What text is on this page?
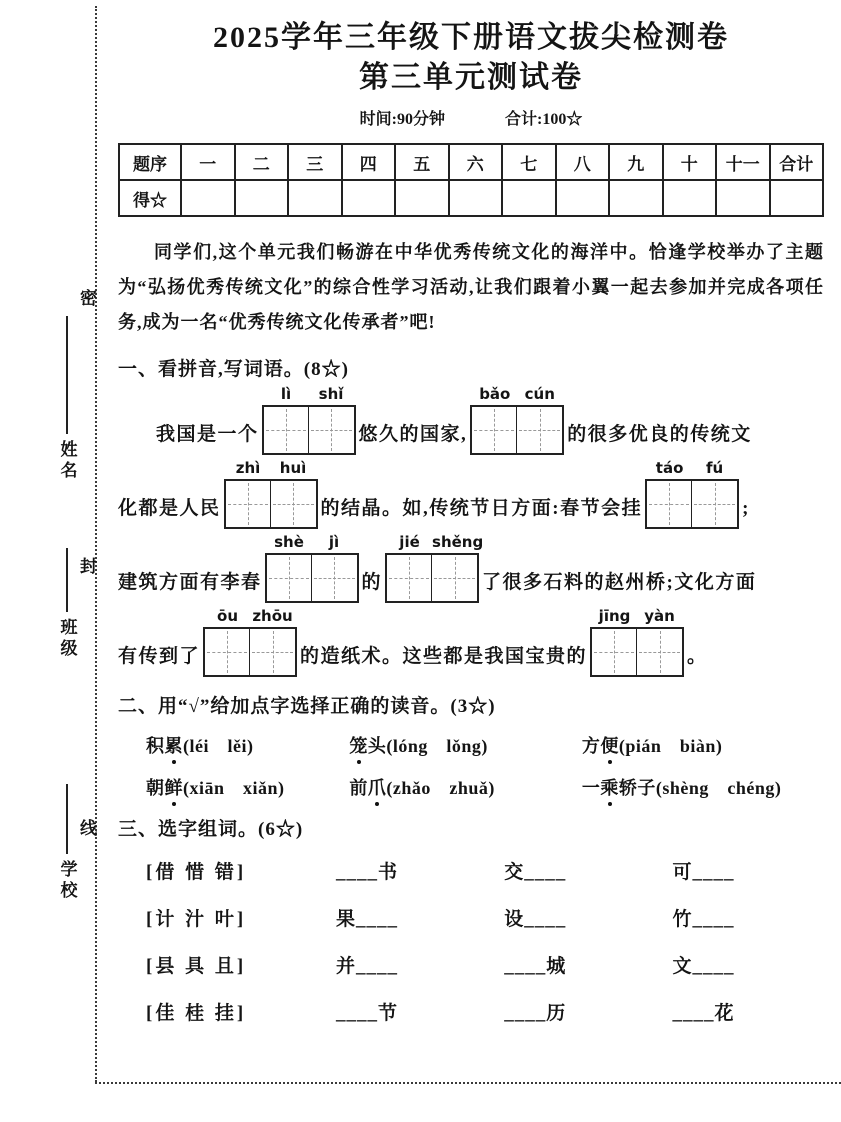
密
封
线
姓名
班级
学校
2025学年三年级下册语文拔尖检测卷
第三单元测试卷
时间:90分钟	合计:100☆
题序	一	二	三	四	五	六	七	八	九	十	十一	合计
得☆												

同学们,这个单元我们畅游在中华优秀传统文化的海洋中。恰逢学校举办了主题为“弘扬优秀传统文化”的综合性学习活动,让我们跟着小翼一起去参加并完成各项任务,成为一名“优秀传统文化传承者”吧!

一、看拼音,写词语。(8☆)
我国是一个
lì	shǐ
悠久的国家,
bǎo cún
的很多优良的传统文
化都是人民
zhì	huì
的结晶。如,传统节日方面:春节会挂
táo	fú
;
建筑方面有李春
shè	jì
的
jié shěng
了很多石料的赵州桥;文化方面
有传到了
ōu zhōu
的造纸术。这些都是我国宝贵的
jīng yàn
。
二、用“√”给加点字选择正确的读音。(3☆)
积累(léi　lěi)	笼头(lóng　lǒng)	方便(pián　biàn)
朝鲜(xiān　xiǎn)	前爪(zhǎo　zhuǎ)	一乘轿子(shèng　chéng)
三、选字组词。(6☆)
[借 惜 错]	____书	交____	可____
[计 汁 叶]	果____	设____	竹____
[县 具 且]	并____	____城	文____
[佳 桂 挂]	____节	____历	____花
